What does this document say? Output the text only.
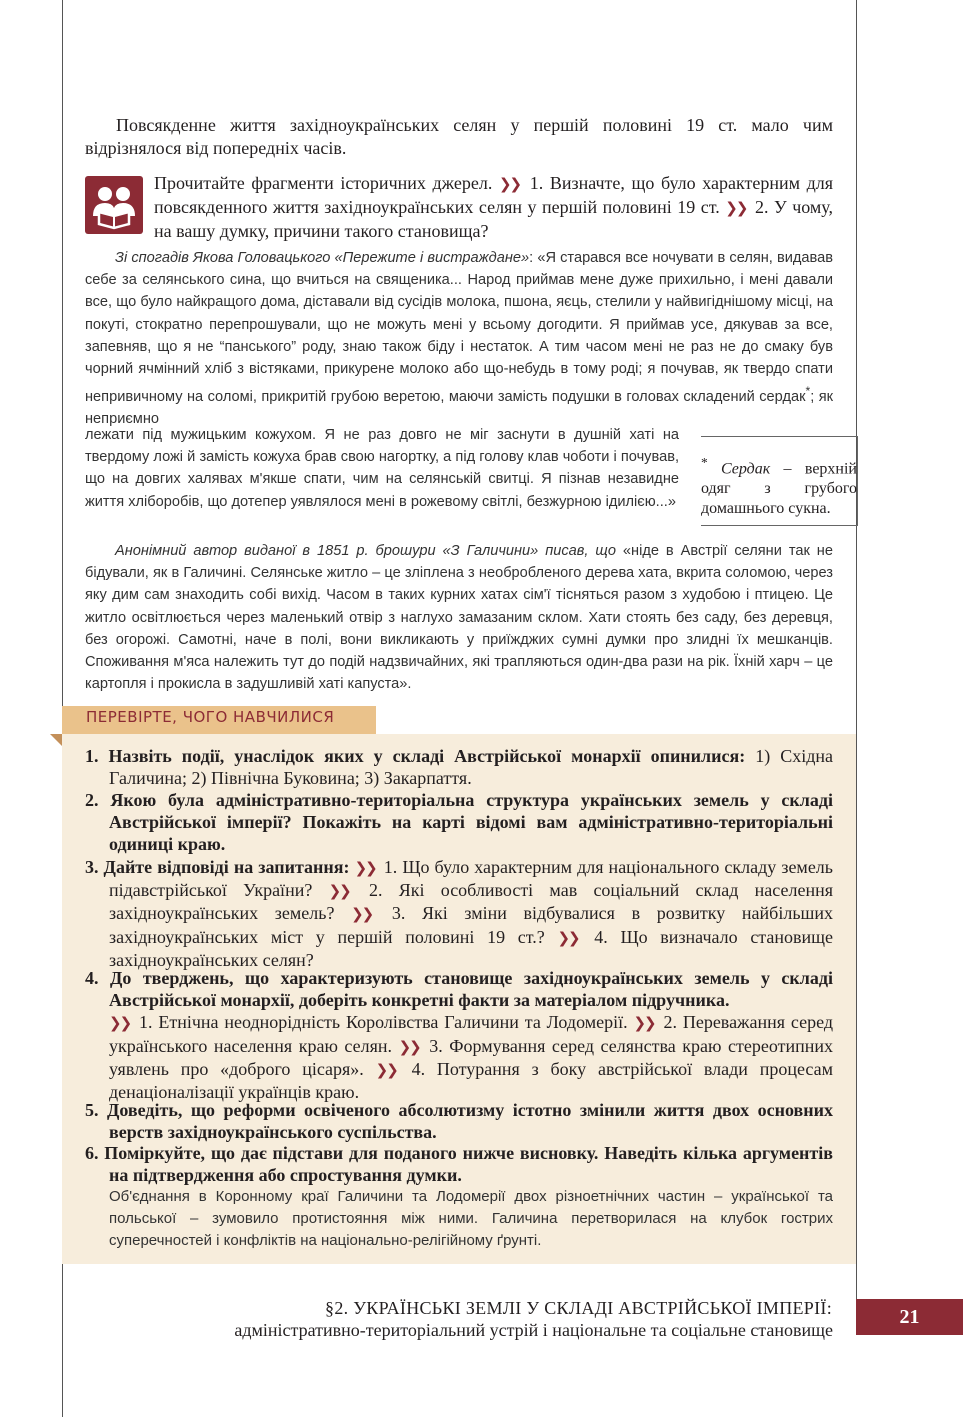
Повсякденне життя західноукраїнських селян у першій половині 19 ст. мало чим відрізнялося від попередніх часів.
Прочитайте фрагменти історичних джерел. ❯❯ 1. Визначте, що було характерним для повсякденного життя західноукраїнських селян у першій половині 19 ст. ❯❯ 2. У чому, на вашу думку, причини такого становища?
Зі спогадів Якова Головацького «Пережите і вистраждане»: «Я старався все ночувати в селян, видавав себе за селянського сина, що вчиться на священика... Народ приймав мене дуже прихильно, і мені давали все, що було найкращого дома, діставали від сусідів молока, пшона, яєць, стелили у найвигіднішому місці, на покуті, стократно перепрошували, що не можуть мені у всьому догодити. Я приймав усе, дякував за все, запевняв, що я не “панського” роду, знаю також біду і нестаток. А тим часом мені не раз не до смаку був чорний ячмінний хліб з вістяками, прикурене молоко або що-небудь в тому роді; я почував, як твердо спати непривичному на соломі, прикритій грубою веретою, маючи замість подушки в головах складений сердак*; як неприємно
лежати під мужицьким кожухом. Я не раз довго не міг заснути в душній хаті на твердому ложі й замість кожуха брав свою нагортку, а під голову клав чоботи і почував, що на довгих халявах м'якше спати, чим на селянській свитці. Я пізнав незавидне життя хліборобів, що дотепер уявлялося мені в рожевому світлі, безжурною ідилією...»
* Сердак – верхній одяг з грубого домашнього сукна.
Анонімний автор виданої в 1851 р. брошури «З Галичини» писав, що «ніде в Австрії селяни так не бідували, як в Галичині. Селянське житло – це зліплена з необробленого дерева хата, вкрита соломою, через яку дим сам знаходить собі вихід. Часом в таких курних хатах сім'ї тісняться разом з худобою і птицею. Це житло освітлюється через маленький отвір з наглухо замазаним склом. Хати стоять без саду, без деревця, без огорожі. Самотні, наче в полі, вони викликають у приїжджих сумні думки про злидні їх мешканців. Споживання м'яса належить тут до подій надзвичайних, які трапляються один-два рази на рік. Їхній харч – це картопля і прокисла в задушливій хаті капуста».
ПЕРЕВІРТЕ, ЧОГО НАВЧИЛИСЯ
1. Назвіть події, унаслідок яких у складі Австрійської монархії опинилися: 1) Східна Галичина; 2) Північна Буковина; 3) Закарпаття.
2. Якою була адміністративно-територіальна структура українських земель у складі Австрійської імперії? Покажіть на карті відомі вам адміністративно-територіальні одиниці краю.
3. Дайте відповіді на запитання: ❯❯ 1. Що було характерним для національного складу земель підавстрійської України? ❯❯ 2. Які особливості мав соціальний склад населення західноукраїнських земель? ❯❯ 3. Які зміни відбувалися в розвитку найбільших західноукраїнських міст у першій половині 19 ст.? ❯❯ 4. Що визначало становище західноукраїнських селян?
4. До тверджень, що характеризують становище західноукраїнських земель у складі Австрійської монархії, доберіть конкретні факти за матеріалом підручника.
❯❯ 1. Етнічна неоднорідність Королівства Галичини та Лодомерії. ❯❯ 2. Переважання серед українського населення краю селян. ❯❯ 3. Формування серед селянства краю стереотипних уявлень про «доброго цісаря». ❯❯ 4. Потурання з боку австрійської влади процесам денаціоналізації українців краю.
5. Доведіть, що реформи освіченого абсолютизму істотно змінили життя двох основних верств західноукраїнського суспільства.
6. Поміркуйте, що дає підстави для поданого нижче висновку. Наведіть кілька аргументів на підтвердження або спростування думки.
Об'єднання в Коронному краї Галичини та Лодомерії двох різноетнічних частин – української та польської – зумовило протистояння між ними. Галичина перетворилася на клубок гострих суперечностей і конфліктів на національно-релігійному ґрунті.
§2. УКРАЇНСЬКІ ЗЕМЛІ У СКЛАДІ АВСТРІЙСЬКОЇ ІМПЕРІЇ:
адміністративно-територіальний устрій і національне та соціальне становище
21
